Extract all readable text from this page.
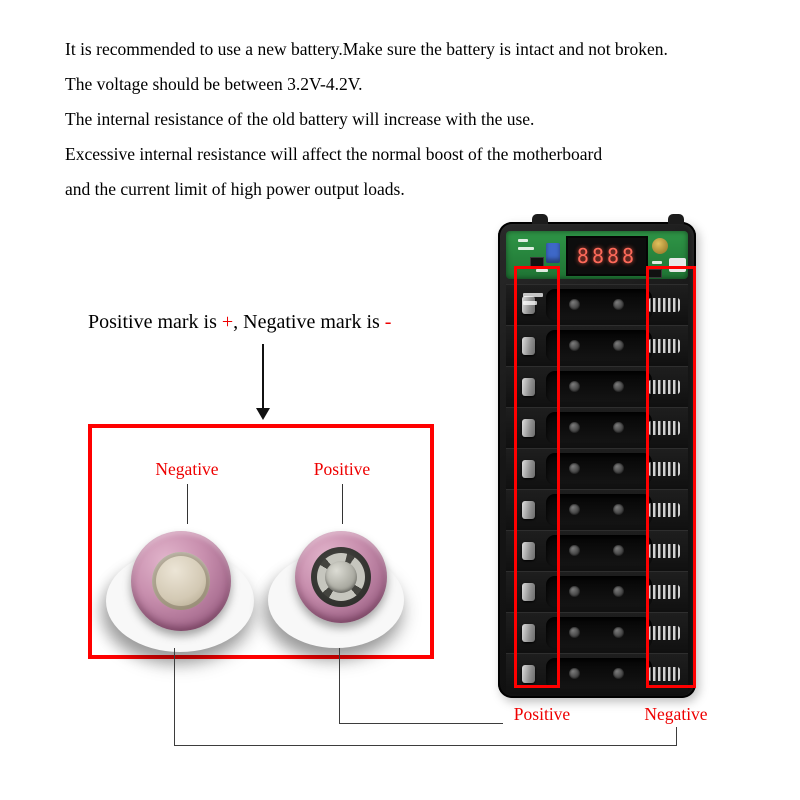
It is recommended to use a new battery.Make sure the battery is intact and not broken.
The voltage should be between 3.2V-4.2V.
The internal resistance of the old battery will increase with the use.
Excessive internal resistance will affect the normal boost of the motherboard
and the current limit of high power output loads.
Positive mark is +, Negative mark is -
Negative	Positive
8888
Positive	Negative
